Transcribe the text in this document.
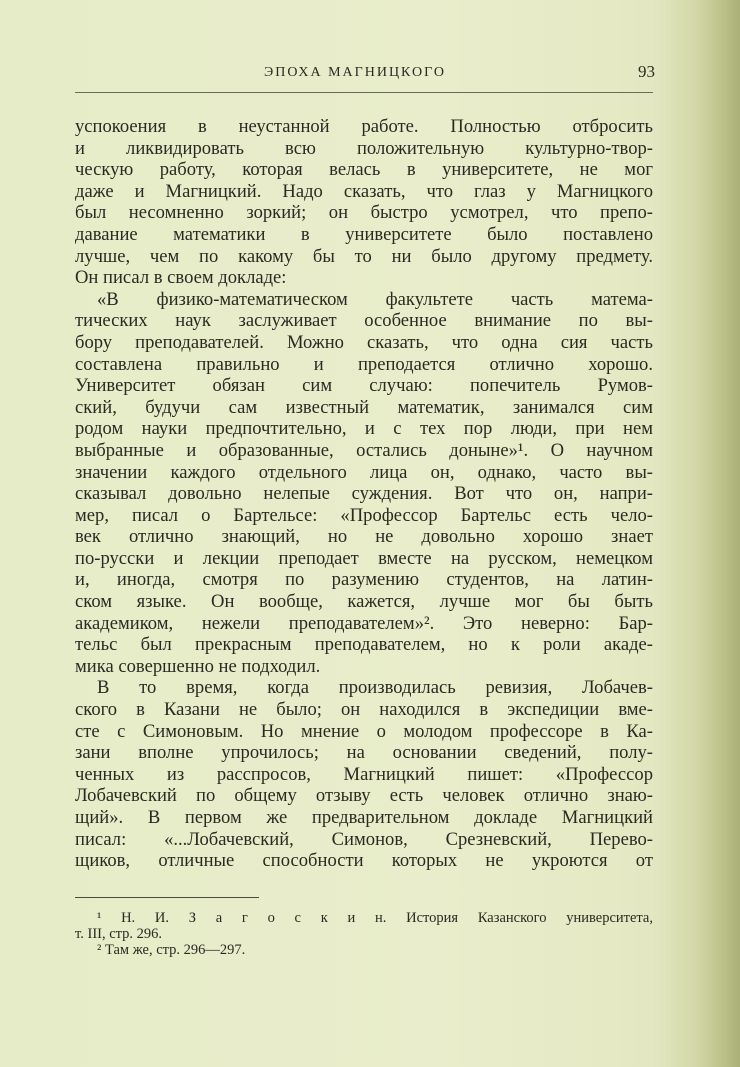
ЭПОХА МАГНИЦКОГО	93
успокоения в неустанной работе. Полностью отбросить
и ликвидировать всю положительную культурно-твор-
ческую работу, которая велась в университете, не мог
даже и Магницкий. Надо сказать, что глаз у Магницкого
был несомненно зоркий; он быстро усмотрел, что препо-
давание математики в университете было поставлено
лучше, чем по какому бы то ни было другому предмету.
Он писал в своем докладе:
«В физико-математическом факультете часть матема-
тических наук заслуживает особенное внимание по вы-
бору преподавателей. Можно сказать, что одна сия часть
составлена правильно и преподается отлично хорошо.
Университет обязан сим случаю: попечитель Румов-
ский, будучи сам известный математик, занимался сим
родом науки предпочтительно, и с тех пор люди, при нем
выбранные и образованные, остались доныне»¹. О научном
значении каждого отдельного лица он, однако, часто вы-
сказывал довольно нелепые суждения. Вот что он, напри-
мер, писал о Бартельсе: «Профессор Бартельс есть чело-
век отлично знающий, но не довольно хорошо знает
по-русски и лекции преподает вместе на русском, немецком
и, иногда, смотря по разумению студентов, на латин-
ском языке. Он вообще, кажется, лучше мог бы быть
академиком, нежели преподавателем»². Это неверно: Бар-
тельс был прекрасным преподавателем, но к роли акаде-
мика совершенно не подходил.
В то время, когда производилась ревизия, Лобачев-
ского в Казани не было; он находился в экспедиции вме-
сте с Симоновым. Но мнение о молодом профессоре в Ка-
зани вполне упрочилось; на основании сведений, полу-
ченных из расспросов, Магницкий пишет: «Профессор
Лобачевский по общему отзыву есть человек отлично знаю-
щий». В первом же предварительном докладе Магницкий
писал: «...Лобачевский, Симонов, Срезневский, Перево-
щиков, отличные способности которых не укроются от
¹ Н. И. З а г о с к и н. История Казанского университета,
т. III, стр. 296.
² Там же, стр. 296—297.
